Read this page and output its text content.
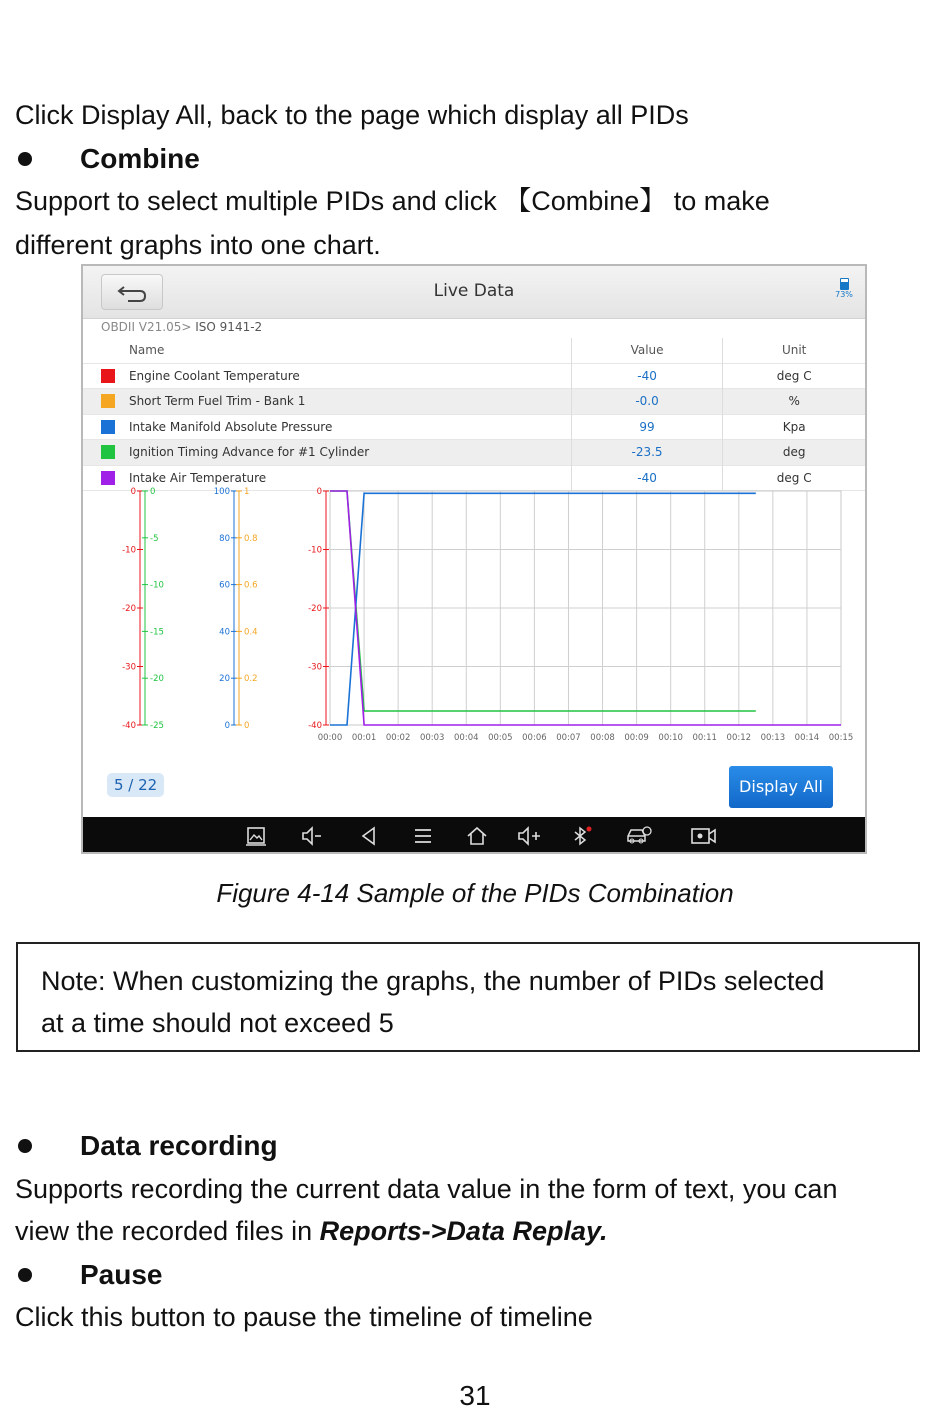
Click Display All, back to the page which display all PIDs
Combine
Support to select multiple PIDs and click 【Combine】 to make
different graphs into one chart.
Live Data	73%
OBDII V21.05> ISO 9141-2
	Name	Value	Unit

	Engine Coolant Temperature	-40	deg C

	Short Term Fuel Trim - Bank 1	-0.0	%

	Intake Manifold Absolute Pressure	99	Kpa

	Ignition Timing Advance for #1 Cylinder	-23.5	deg

	Intake Air Temperature	-40	deg C
0
-10
-20
-30
-40
0
-5
-10
-15
-20
-25
100
80
60
40
20
0
1
0.8
0.6
0.4
0.2
0
0
-10
-20
-30
-40
00:00 00:01 00:02 00:03 00:04 00:05 00:06 00:07 00:08 00:09 00:10 00:11 00:12 00:13 00:14 00:15
5 / 22	Display All
Figure 4-14 Sample of the PIDs Combination
Note: When customizing the graphs, the number of PIDs selected
at a time should not exceed 5
Data recording
Supports recording the current data value in the form of text, you can
view the recorded files in Reports->Data Replay.
Pause
Click this button to pause the timeline of timeline
31
